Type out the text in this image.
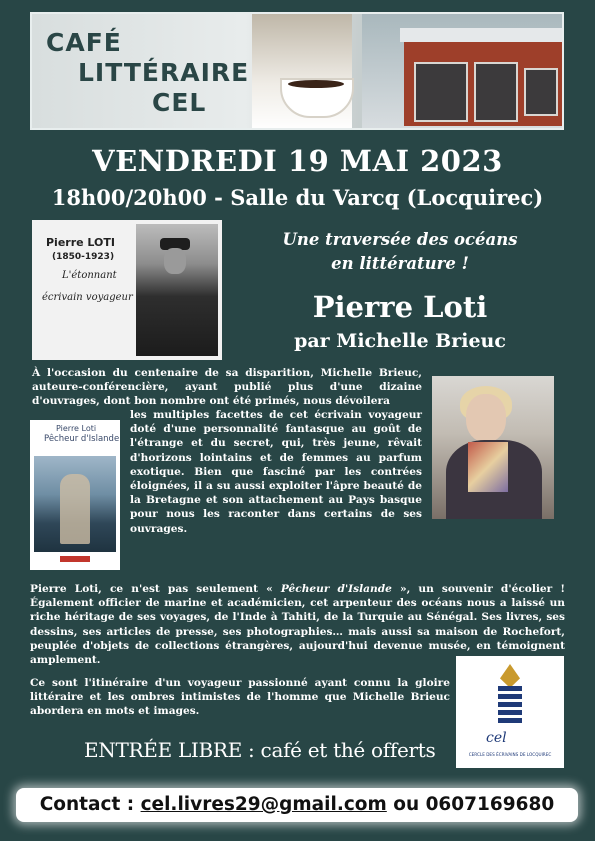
CAFÉ
LITTÉRAIRE
CEL
VENDREDI 19 MAI 2023
18h00/20h00 - Salle du Varcq (Locquirec)
Pierre LOTI
(1850-1923)
L'étonnant
écrivain voyageur
Une traversée des océans
en littérature !
Pierre Loti
par Michelle Brieuc
À l'occasion du centenaire de sa disparition, Michelle Brieuc, auteure-conférencière, ayant publié plus d'une dizaine d'ouvrages, dont bon nombre ont été primés, nous dévoilera
les multiples facettes de cet écrivain voyageur doté d'une personnalité fantasque au goût de l'étrange et du secret, qui, très jeune, rêvait d'horizons lointains et de femmes au parfum exotique. Bien que fasciné par les contrées éloignées, il a su aussi exploiter l'âpre beauté de la Bretagne et son attachement au Pays basque pour nous les raconter dans certains de ses ouvrages.
Pierre Loti
Pêcheur d'Islande
Pierre Loti, ce n'est pas seulement « Pêcheur d'Islande », un souvenir d'écolier ! Également officier de marine et académicien, cet arpenteur des océans nous a laissé un riche héritage de ses voyages, de l'Inde à Tahiti, de la Turquie au Sénégal. Ses livres, ses dessins, ses articles de presse, ses photographies… mais aussi sa maison de Rochefort, peuplée d'objets de collections étrangères, aujourd'hui devenue musée, en témoignent amplement.
Ce sont l'itinéraire d'un voyageur passionné ayant connu la gloire littéraire et les ombres intimistes de l'homme que Michelle Brieuc abordera en mots et images.
cel
CERCLE DES ÉCRIVAINS DE LOCQUIREC
ENTRÉE LIBRE : café et thé offerts
Contact : cel.livres29@gmail.com ou 0607169680
